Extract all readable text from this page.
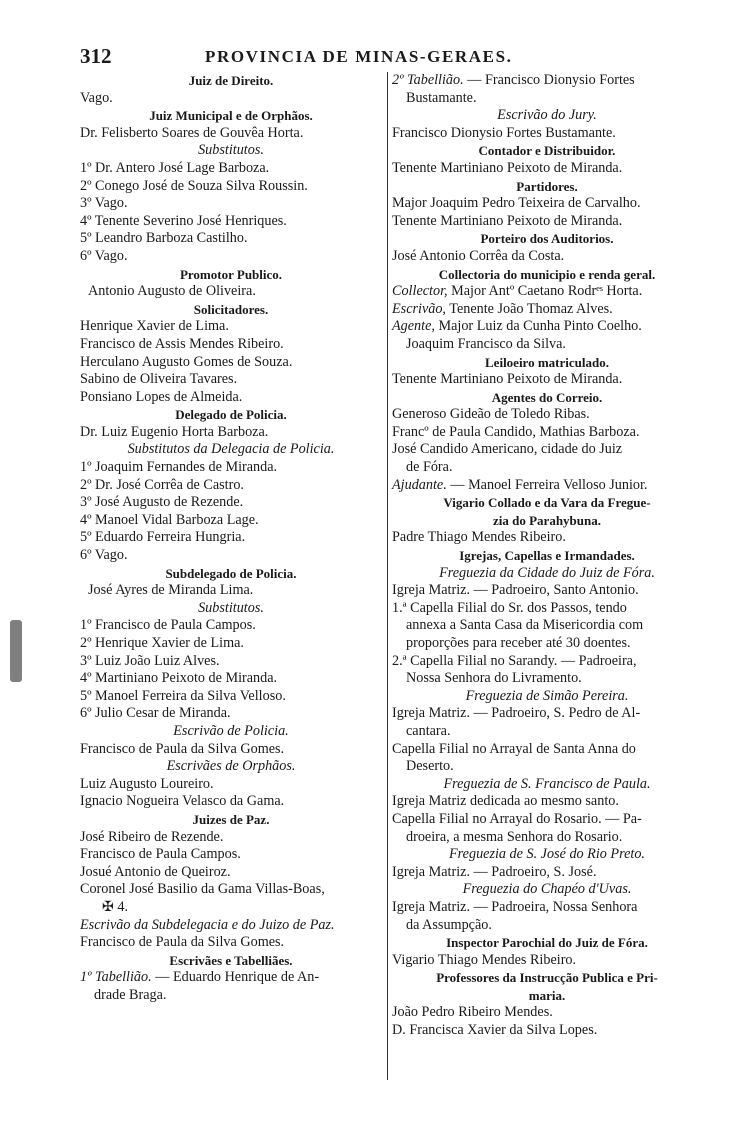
312	PROVINCIA DE MINAS-GERAES.
Juiz de Direito.
Vago.
Juiz Municipal e de Orphãos.
Dr. Felisberto Soares de Gouvêa Horta.
Substitutos.
1º Dr. Antero José Lage Barboza.
2º Conego José de Souza Silva Roussin.
3º Vago.
4º Tenente Severino José Henriques.
5º Leandro Barboza Castilho.
6º Vago.
Promotor Publico.
Antonio Augusto de Oliveira.
Solicitadores.
Henrique Xavier de Lima.
Francisco de Assis Mendes Ribeiro.
Herculano Augusto Gomes de Souza.
Sabino de Oliveira Tavares.
Ponsiano Lopes de Almeida.
Delegado de Policia.
Dr. Luiz Eugenio Horta Barboza.
Substitutos da Delegacia de Policia.
1º Joaquim Fernandes de Miranda.
2º Dr. José Corrêa de Castro.
3º José Augusto de Rezende.
4º Manoel Vidal Barboza Lage.
5º Eduardo Ferreira Hungria.
6º Vago.
Subdelegado de Policia.
José Ayres de Miranda Lima.
Substitutos.
1º Francisco de Paula Campos.
2º Henrique Xavier de Lima.
3º Luiz João Luiz Alves.
4º Martiniano Peixoto de Miranda.
5º Manoel Ferreira da Silva Velloso.
6º Julio Cesar de Miranda.
Escrivão de Policia.
Francisco de Paula da Silva Gomes.
Escrivães de Orphãos.
Luiz Augusto Loureiro.
Ignacio Nogueira Velasco da Gama.
Juizes de Paz.
José Ribeiro de Rezende.
Francisco de Paula Campos.
Josué Antonio de Queiroz.
Coronel José Basilio da Gama Villas-Boas,
✠ 4.
Escrivão da Subdelegacia e do Juizo de Paz.
Francisco de Paula da Silva Gomes.
Escrivães e Tabelliães.
1º Tabellião. — Eduardo Henrique de An-
drade Braga.
2º Tabellião. — Francisco Dionysio Fortes
Bustamante.
Escrivão do Jury.
Francisco Dionysio Fortes Bustamante.
Contador e Distribuidor.
Tenente Martiniano Peixoto de Miranda.
Partidores.
Major Joaquim Pedro Teixeira de Carvalho.
Tenente Martiniano Peixoto de Miranda.
Porteiro dos Auditorios.
José Antonio Corrêa da Costa.
Collectoria do municipio e renda geral.
Collector, Major Antº Caetano Rodrᵉˢ Horta.
Escrivão, Tenente João Thomaz Alves.
Agente, Major Luiz da Cunha Pinto Coelho.
Joaquim Francisco da Silva.
Leiloeiro matriculado.
Tenente Martiniano Peixoto de Miranda.
Agentes do Correio.
Generoso Gideão de Toledo Ribas.
Francº de Paula Candido, Mathias Barboza.
José Candido Americano, cidade do Juiz
de Fóra.
Ajudante. — Manoel Ferreira Velloso Junior.
Vigario Collado e da Vara da Fregue-
zia do Parahybuna.
Padre Thiago Mendes Ribeiro.
Igrejas, Capellas e Irmandades.
Freguezia da Cidade do Juiz de Fóra.
Igreja Matriz. — Padroeiro, Santo Antonio.
1.ª Capella Filial do Sr. dos Passos, tendo
annexa a Santa Casa da Misericordia com
proporções para receber até 30 doentes.
2.ª Capella Filial no Sarandy. — Padroeira,
Nossa Senhora do Livramento.
Freguezia de Simão Pereira.
Igreja Matriz. — Padroeiro, S. Pedro de Al-
cantara.
Capella Filial no Arrayal de Santa Anna do
Deserto.
Freguezia de S. Francisco de Paula.
Igreja Matriz dedicada ao mesmo santo.
Capella Filial no Arrayal do Rosario. — Pa-
droeira, a mesma Senhora do Rosario.
Freguezia de S. José do Rio Preto.
Igreja Matriz. — Padroeiro, S. José.
Freguezia do Chapéo d'Uvas.
Igreja Matriz. — Padroeira, Nossa Senhora
da Assumpção.
Inspector Parochial do Juiz de Fóra.
Vigario Thiago Mendes Ribeiro.
Professores da Instrucção Publica e Pri-
maria.
João Pedro Ribeiro Mendes.
D. Francisca Xavier da Silva Lopes.
